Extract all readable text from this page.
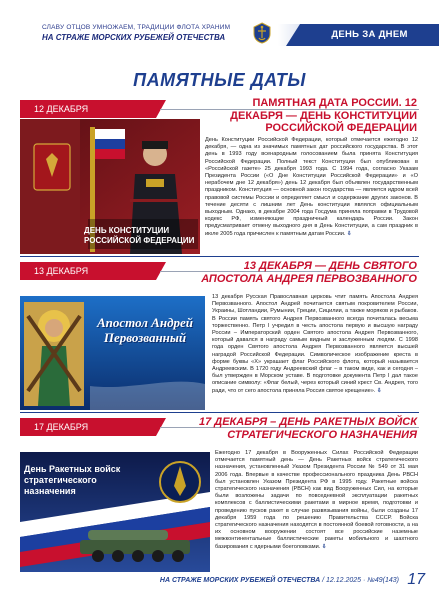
СЛАВУ ОТЦОВ УМНОЖАЕМ, ТРАДИЦИИ ФЛОТА ХРАНИМ
НА СТРАЖЕ МОРСКИХ РУБЕЖЕЙ ОТЕЧЕСТВА	ДЕНЬ ЗА ДНЕМ
ПАМЯТНЫЕ ДАТЫ
12 ДЕКАБРЯ
ДЕНЬ КОНСТИТУЦИИ РОССИЙСКОЙ ФЕДЕРАЦИИ
ПАМЯТНАЯ ДАТА РОССИИ. 12 ДЕКАБРЯ — ДЕНЬ КОНСТИТУЦИИ РОССИЙСКОЙ ФЕДЕРАЦИИ
День Конституции Российской Федерации, который отмечается ежегодно 12 декабря, — одна из значимых памятных дат российского государства. В этот день в 1993 году всенародным голосованием была принята Конституция Российской Федерации. Полный текст Конституции был опубликован в «Российской газете» 25 декабря 1993 года. С 1994 года, согласно Указам Президента России («О Дне Конституции Российской Федерации» и «О нерабочем дне 12 декабря») день 12 декабря был объявлен государственным праздником. Конституция — основной закон государства — является идром всей правовой системы России и определяет смысл и содержание других законов. В течение десяти с лишним лет День конституции являлся официальным выходным. Однако, в декабре 2004 года Госдума приняла поправки в Трудовой кодекс РФ, изменяющие праздничный календарь России. Закон предусматривает отмену выходного дня в День Конституции, а сам праздник в июле 2005 года причислен к памятным датам России. ⇩
13 ДЕКАБРЯ	13 ДЕКАБРЯ — ДЕНЬ СВЯТОГО АПОСТОЛА АНДРЕЯ ПЕРВОЗВАННОГО
Апостол Андрей Первозванный
13 декабря Русская Православная церковь чтит память Апостола Андрея Первозванного. Апостол Андрей почитается святым покровителем России, Украины, Шотландии, Румынии, Греции, Сицилии, а также моряков и рыбаков. В России память святого Андрея Первозванного всегда почиталась весьма торжественно. Петр I учредил в честь апостола первую и высшую награду России – Императорский орден Святого апостола Андрея Первозванного, который давался в награду самым видным и заслуженным людям. С 1998 года орден Святого апостола Андрея Первозванного является высшей наградой Российской Федерации. Символическое изображение креста в форме буквы «Х» украшает флаг Российского флота, который называется Андреевским. В 1720 году Андреевский флаг – в таком виде, как и сегодня – был утвержден в Морском уставе. В подготовке документа Петр I дал такое описание символу: «Флаг белый, через который синий крест Св. Андрея, того ради, что от сего апостола приняла Россия святое крещение». ⇩
17 ДЕКАБРЯ	17 ДЕКАБРЯ – ДЕНЬ РАКЕТНЫХ ВОЙСК СТРАТЕГИЧЕСКОГО НАЗНАЧЕНИЯ
День Ракетных войск стратегического назначения
РОССИЯ
Ежегодно 17 декабря в Вооруженных Силах Российской Федерации отмечается памятный день — День Ракетных войск стратегического назначения, установленный Указом Президента России № 549 от 31 мая 2006 года. Впервые в качестве профессионального праздника День РВСН был установлен Указом Президента РФ в 1995 году. Ракетные войска стратегического назначения (РВСН) как вид Вооруженных Сил, на которые были возложены задачи по повседневной эксплуатации ракетных комплексов с баллистическими ракетами в мирное время, подготовки и проведению пусков ракет в случае развязывания войны, были созданы 17 декабря 1959 года по решению Правительства СССР. Войска стратегического назначения находятся в постоянной боевой готовности, а на их основном вооружении состоят все российские наземные межконтинентальные баллистические ракеты мобильного и шахтного базирования с ядерными боеголовками. ⇩
НА СТРАЖЕ МОРСКИХ РУБЕЖЕЙ ОТЕЧЕСТВА / 12.12.2025 · №49(143) 17
